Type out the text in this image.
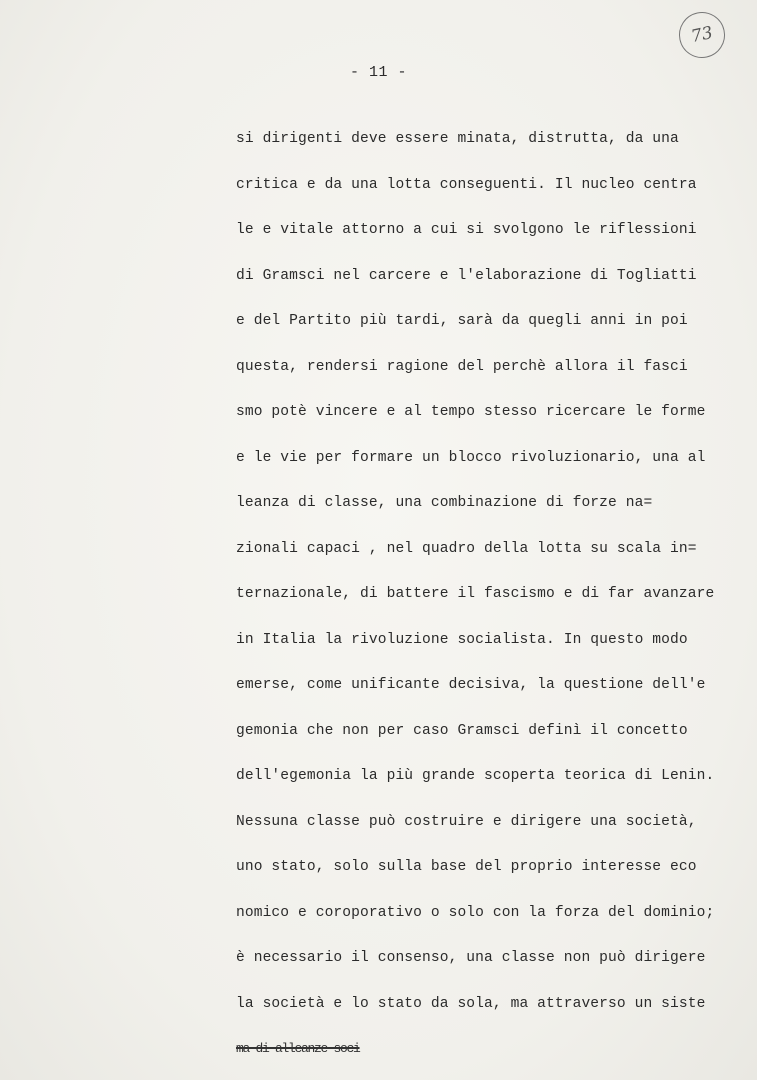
73
- 11 -
si dirigenti deve essere minata, distrutta, da una
critica e da una lotta conseguenti. Il nucleo centra
le e vitale attorno a cui si svolgono le riflessioni
di Gramsci nel carcere e l'elaborazione di Togliatti
e del Partito più tardi, sarà da quegli anni in poi
questa, rendersi ragione del perchè allora il fasci
smo potè vincere e al tempo stesso ricercare le forme
e le vie per formare un blocco rivoluzionario, una al
leanza di classe, una combinazione di forze na=
zionali capaci , nel quadro della lotta su scala in=
ternazionale, di battere il fascismo e di far avanzare
in Italia la rivoluzione socialista. In questo modo
emerse, come unificante decisiva, la questione dell'e
gemonia che non per caso Gramsci definì il concetto
dell'egemonia la più grande scoperta teorica di Lenin.
Nessuna classe può costruire e dirigere una società,
uno stato, solo sulla base del proprio interesse eco
nomico e coroporativo o solo con la forza del dominio;
è necessario il consenso, una classe non può dirigere
la società e lo stato da sola, ma attraverso un siste
ma di alleanze soci
